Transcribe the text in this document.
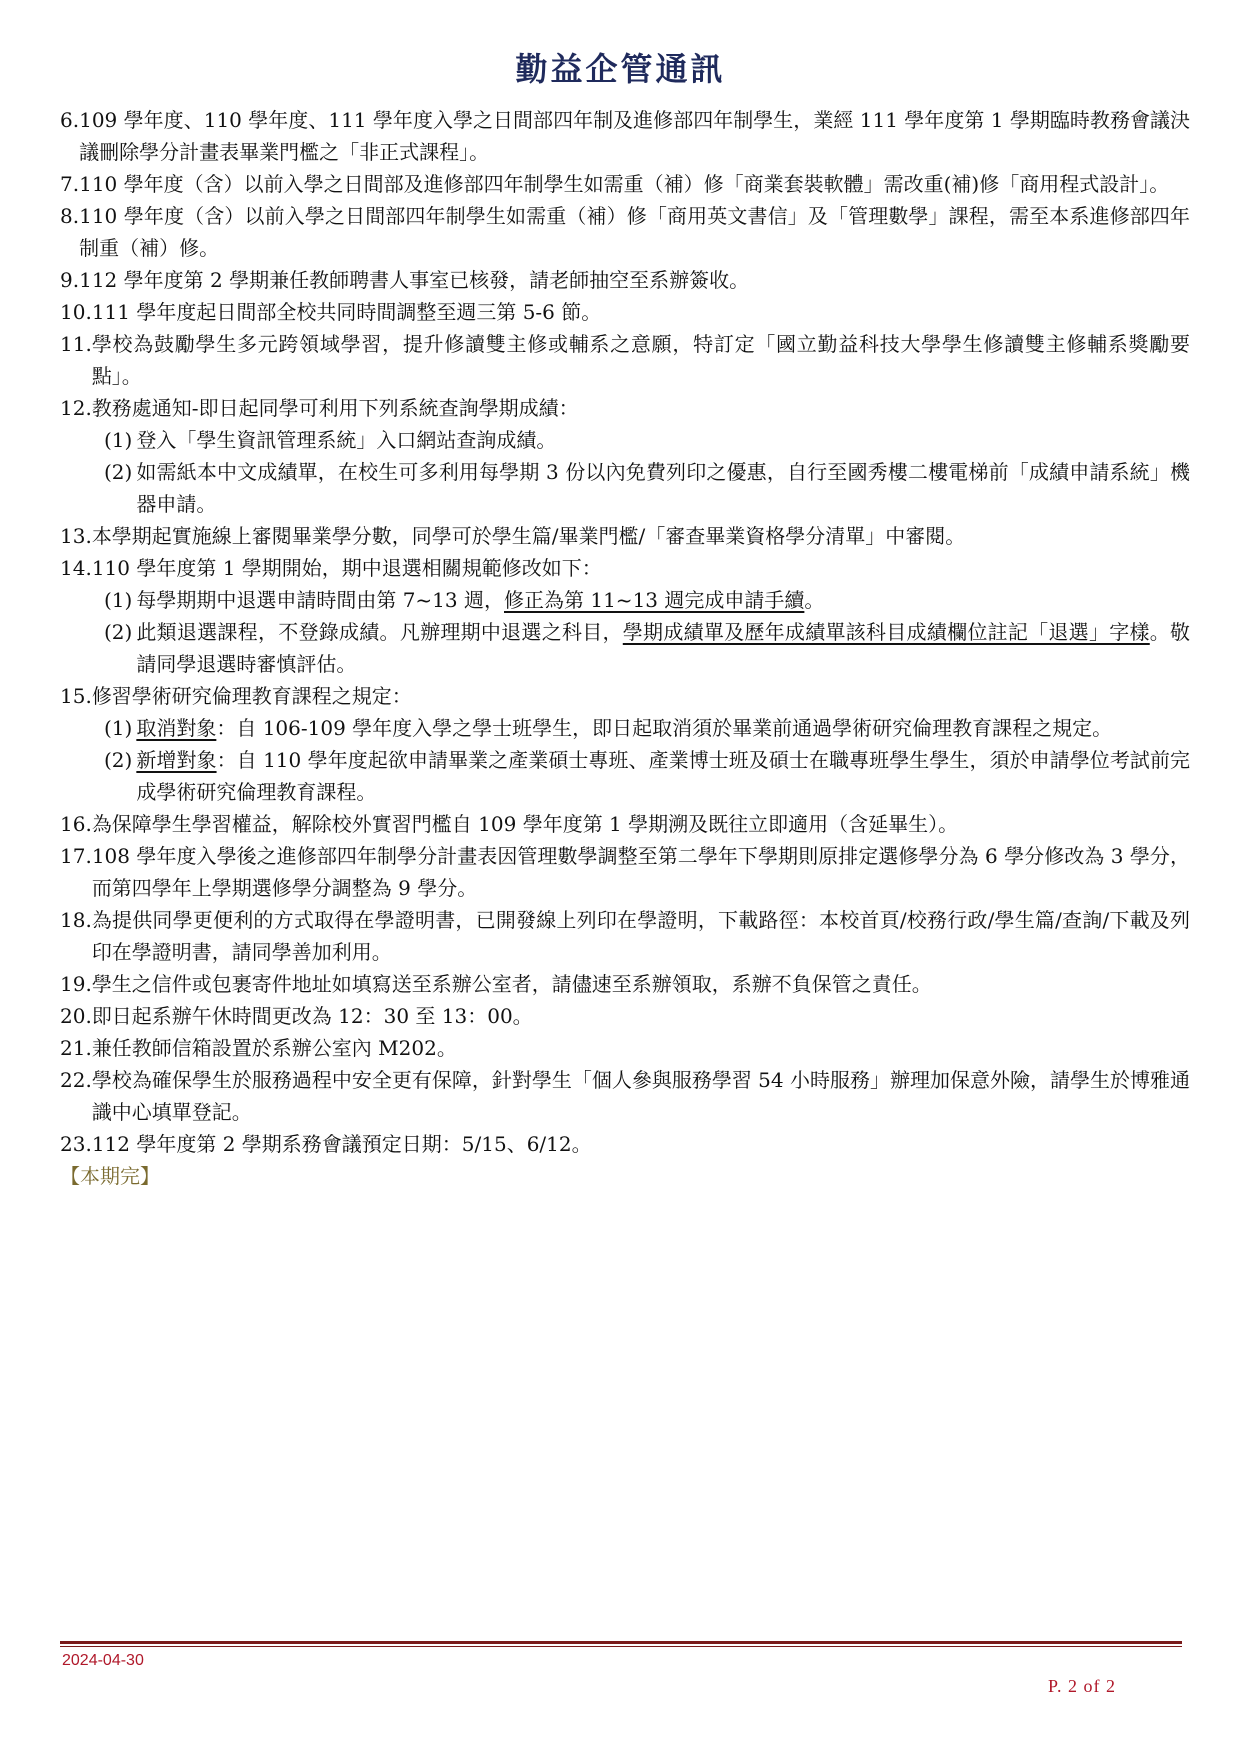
勤益企管通訊
6. 109 學年度、110 學年度、111 學年度入學之日間部四年制及進修部四年制學生，業經 111 學年度第 1 學期臨時教務會議決議刪除學分計畫表畢業門檻之「非正式課程」。
7. 110 學年度（含）以前入學之日間部及進修部四年制學生如需重（補）修「商業套裝軟體」需改重(補)修「商用程式設計」。
8. 110 學年度（含）以前入學之日間部四年制學生如需重（補）修「商用英文書信」及「管理數學」課程，需至本系進修部四年制重（補）修。
9. 112 學年度第 2 學期兼任教師聘書人事室已核發，請老師抽空至系辦簽收。
10. 111 學年度起日間部全校共同時間調整至週三第 5-6 節。
11. 學校為鼓勵學生多元跨領域學習，提升修讀雙主修或輔系之意願，特訂定「國立勤益科技大學學生修讀雙主修輔系獎勵要點」。
12. 教務處通知-即日起同學可利用下列系統查詢學期成績：
(1) 登入「學生資訊管理系統」入口網站查詢成績。
(2) 如需紙本中文成績單，在校生可多利用每學期 3 份以內免費列印之優惠，自行至國秀樓二樓電梯前「成績申請系統」機器申請。
13. 本學期起實施線上審閱畢業學分數，同學可於學生篇/畢業門檻/「審查畢業資格學分清單」中審閱。
14. 110 學年度第 1 學期開始，期中退選相關規範修改如下：
(1) 每學期期中退選申請時間由第 7~13 週，修正為第 11~13 週完成申請手續。
(2) 此類退選課程，不登錄成績。凡辦理期中退選之科目，學期成績單及歷年成績單該科目成績欄位註記「退選」字樣。敬請同學退選時審慎評估。
15. 修習學術研究倫理教育課程之規定：
(1) 取消對象：自 106-109 學年度入學之學士班學生，即日起取消須於畢業前通過學術研究倫理教育課程之規定。
(2) 新增對象：自 110 學年度起欲申請畢業之產業碩士專班、產業博士班及碩士在職專班學生學生，須於申請學位考試前完成學術研究倫理教育課程。
16. 為保障學生學習權益，解除校外實習門檻自 109 學年度第 1 學期溯及既往立即適用（含延畢生）。
17. 108 學年度入學後之進修部四年制學分計畫表因管理數學調整至第二學年下學期則原排定選修學分為 6 學分修改為 3 學分，而第四學年上學期選修學分調整為 9 學分。
18. 為提供同學更便利的方式取得在學證明書，已開發線上列印在學證明，下載路徑：本校首頁/校務行政/學生篇/查詢/下載及列印在學證明書，請同學善加利用。
19. 學生之信件或包裹寄件地址如填寫送至系辦公室者，請儘速至系辦領取，系辦不負保管之責任。
20. 即日起系辦午休時間更改為 12：30 至 13：00。
21. 兼任教師信箱設置於系辦公室內 M202。
22. 學校為確保學生於服務過程中安全更有保障，針對學生「個人參與服務學習 54 小時服務」辦理加保意外險，請學生於博雅通識中心填單登記。
23. 112 學年度第 2 學期系務會議預定日期：5/15、6/12。
【本期完】
2024-04-30
P. 2 of 2
